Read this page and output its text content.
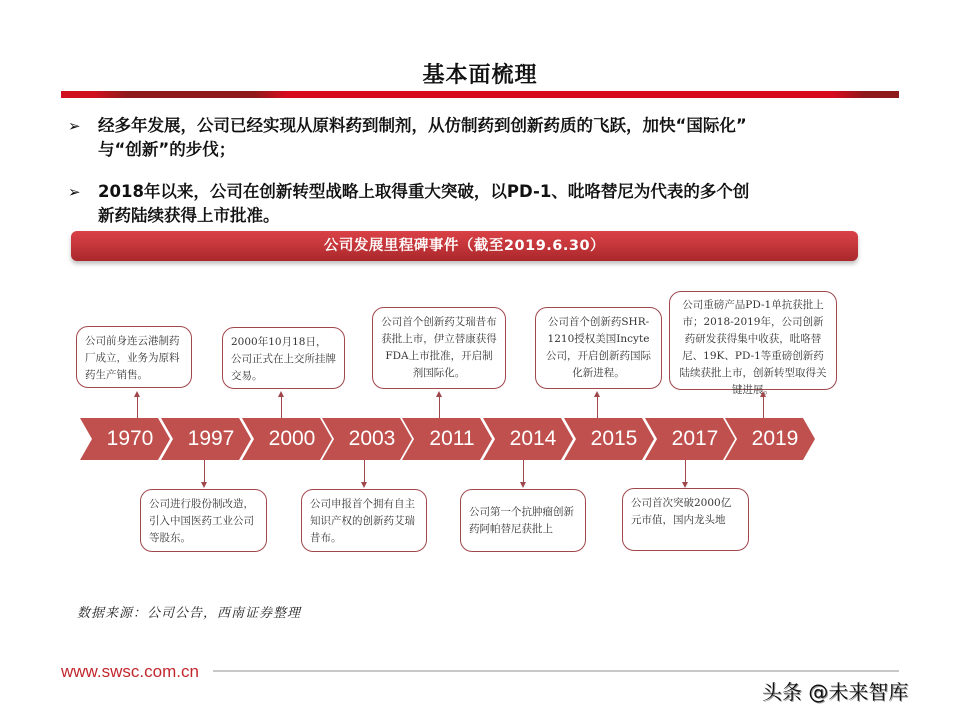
基本面梳理
➢	经多年发展，公司已经实现从原料药到制剂，从仿制药到创新药质的飞跃，加快“国际化”
与“创新”的步伐；
➢	2018年以来，公司在创新转型战略上取得重大突破，以PD-1、吡咯替尼为代表的多个创
新药陆续获得上市批准。
公司发展里程碑事件（截至2019.6.30）
公司前身连云港制药厂成立，业务为原料药生产销售。
2000年10月18日，公司正式在上交所挂牌交易。
公司首个创新药艾瑞昔布获批上市，伊立替康获得FDA上市批准，开启制剂国际化。
公司首个创新药SHR-1210授权美国Incyte公司，开启创新药国际化新进程。
公司重磅产品PD-1单抗获批上市；2018-2019年，公司创新药研发获得集中收获，吡咯替尼、19K、PD-1等重磅创新药陆续获批上市，创新转型取得关键进展。
1970	1997	2000	2003	2011	2014	2015	2017	2019
公司进行股份制改造，引入中国医药工业公司等股东。
公司申报首个拥有自主知识产权的创新药艾瑞昔布。
公司第一个抗肿瘤创新药阿帕替尼获批上
公司首次突破2000亿元市值，国内龙头地
数据来源：公司公告，西南证券整理
www.swsc.com.cn
头条 @未来智库
